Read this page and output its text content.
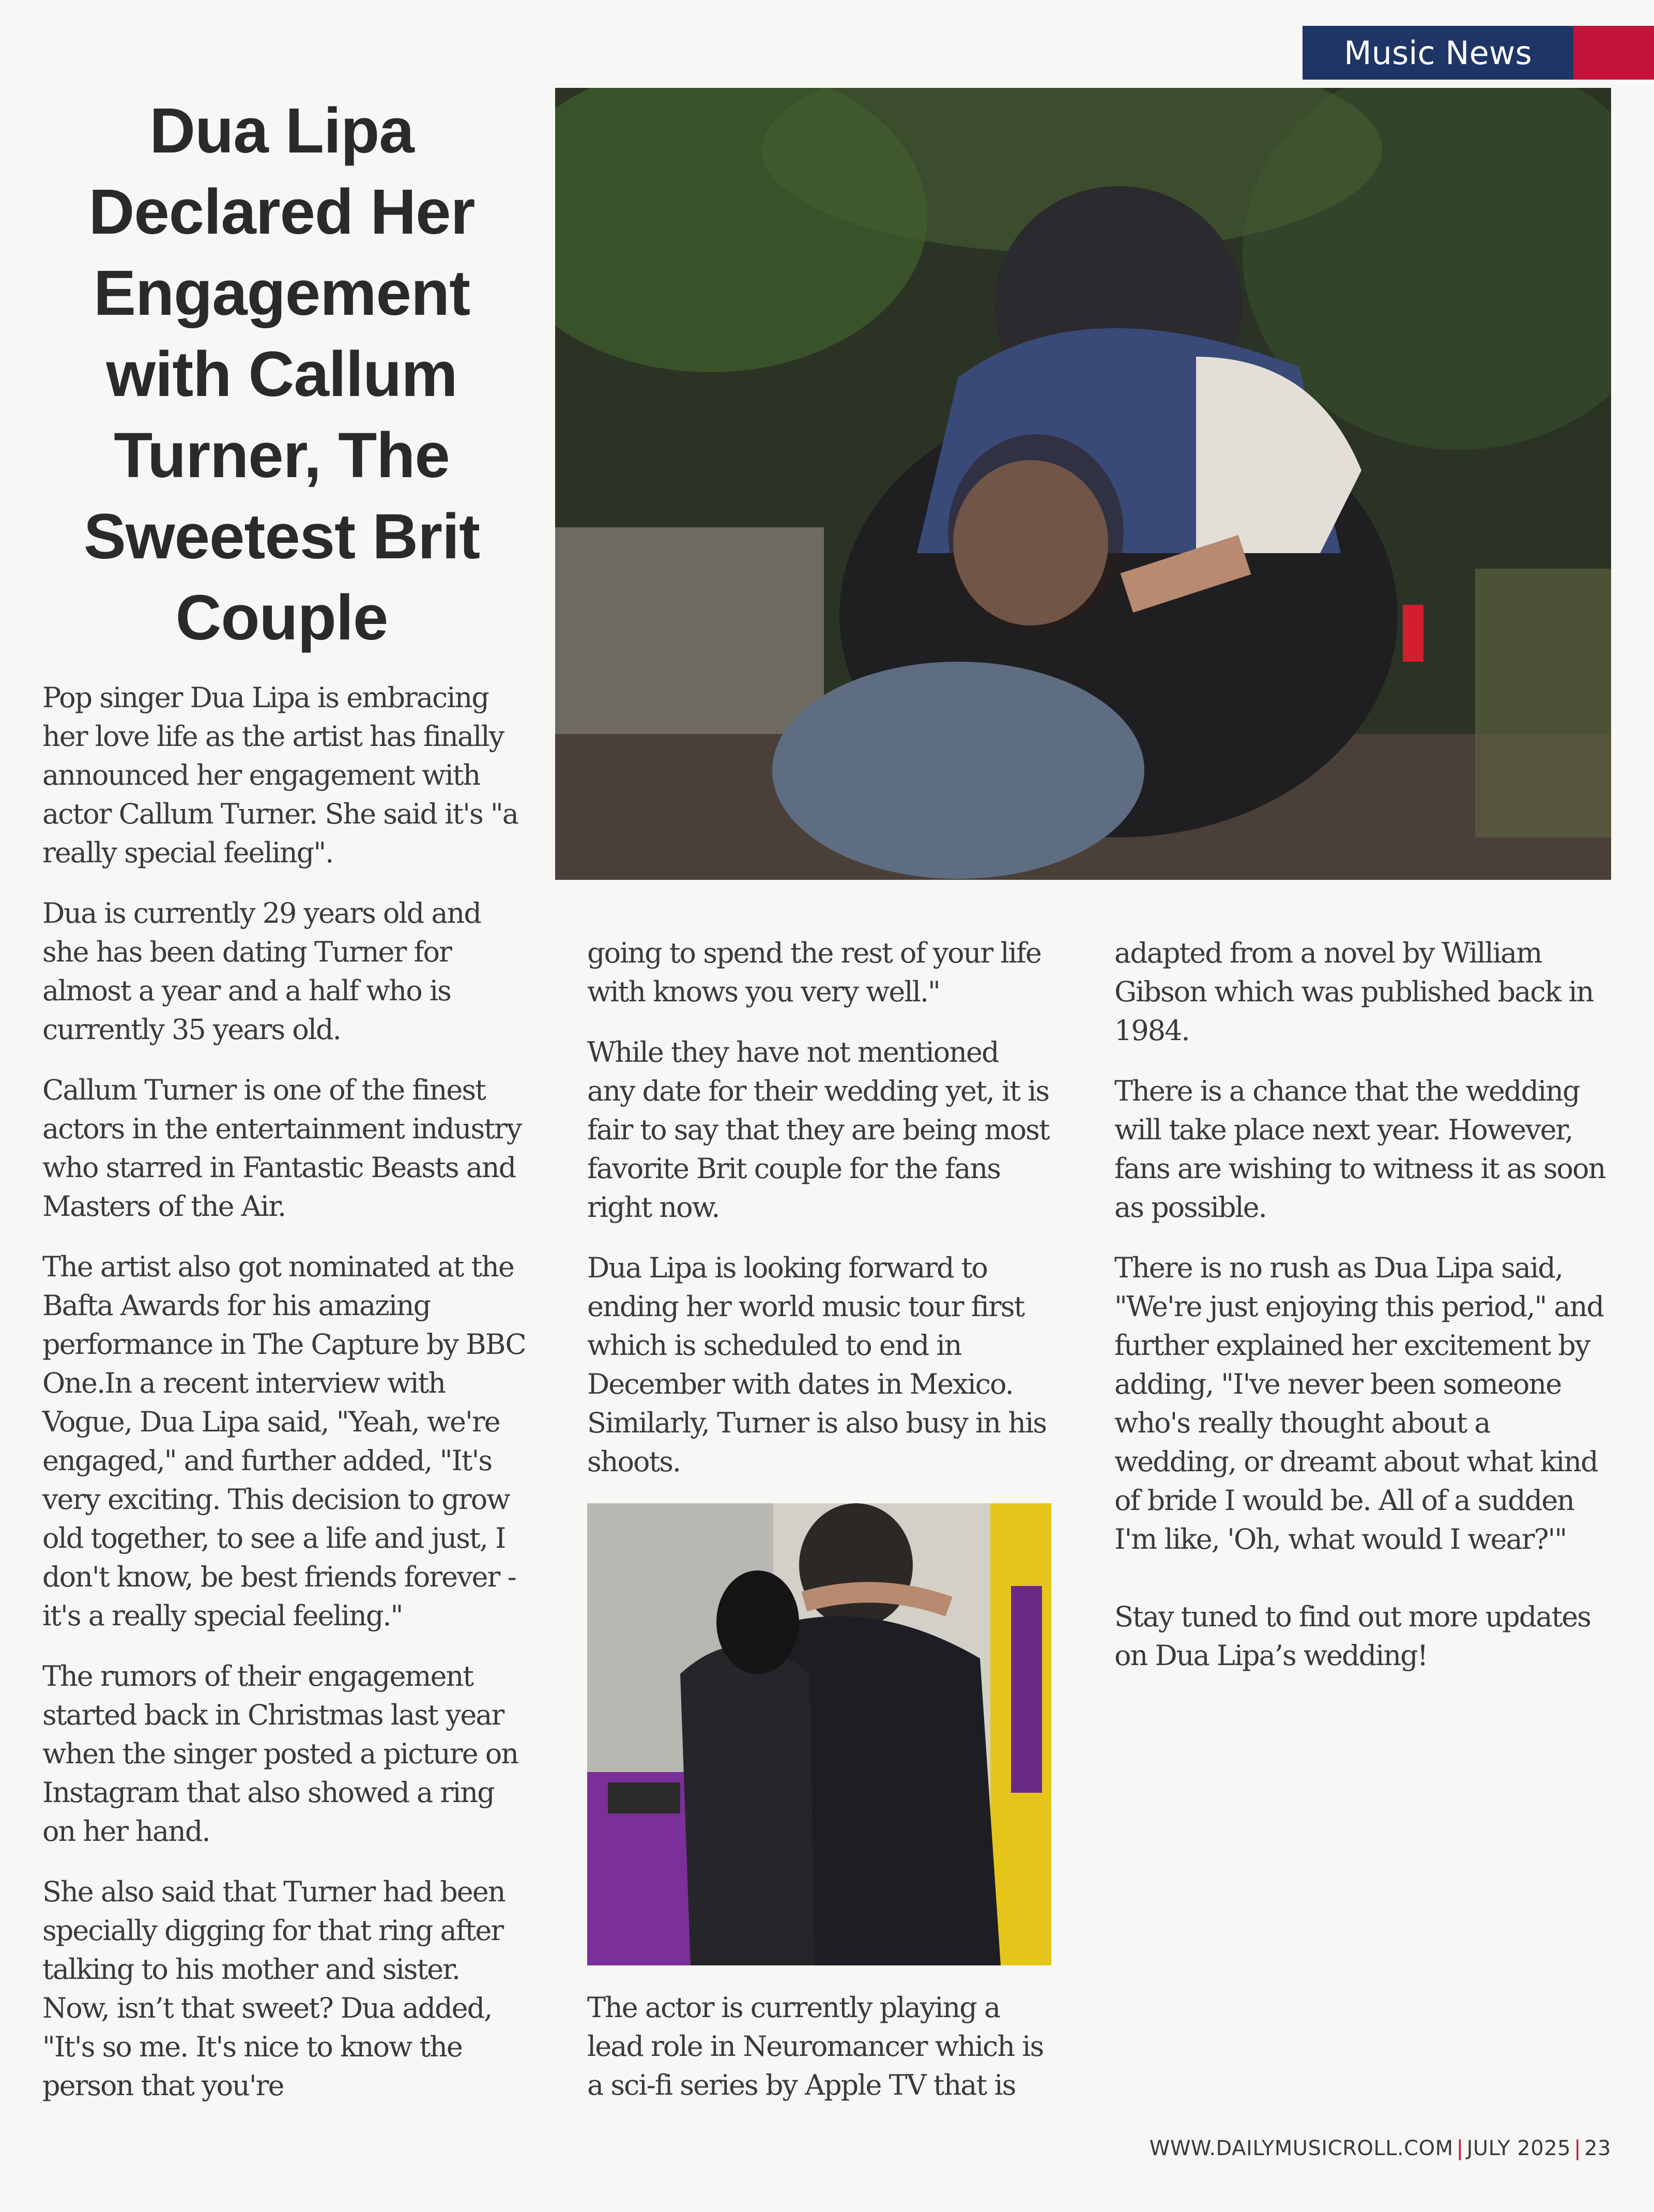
Music News
Dua Lipa Declared Her Engagement with Callum Turner, The Sweetest Brit Couple

Pop singer Dua Lipa is embracing her love life as the artist has finally announced her engagement with actor Callum Turner. She said it's "a really special feeling".

Dua is currently 29 years old and she has been dating Turner for almost a year and a half who is currently 35 years old.

Callum Turner is one of the finest actors in the entertainment industry who starred in Fantastic Beasts and Masters of the Air.

The artist also got nominated at the Bafta Awards for his amazing performance in The Capture by BBC One.In a recent interview with Vogue, Dua Lipa said, "Yeah, we're engaged," and further added, "It's very exciting. This decision to grow old together, to see a life and just, I don't know, be best friends forever - it's a really special feeling."

The rumors of their engagement started back in Christmas last year when the singer posted a picture on Instagram that also showed a ring on her hand.

She also said that Turner had been specially digging for that ring after talking to his mother and sister. Now, isn’t that sweet? Dua added, "It's so me. It's nice to know the person that you're

going to spend the rest of your life with knows you very well."

While they have not mentioned any date for their wedding yet, it is fair to say that they are being most favorite Brit couple for the fans right now.

Dua Lipa is looking forward to ending her world music tour first which is scheduled to end in December with dates in Mexico. Similarly, Turner is also busy in his shoots.

The actor is currently playing a lead role in Neuromancer which is a sci-fi series by Apple TV that is

adapted from a novel by William Gibson which was published back in 1984.

There is a chance that the wedding will take place next year. However, fans are wishing to witness it as soon as possible.

There is no rush as Dua Lipa said, "We're just enjoying this period," and further explained her excitement by adding, "I've never been someone who's really thought about a wedding, or dreamt about what kind of bride I would be. All of a sudden I'm like, 'Oh, what would I wear?'"

Stay tuned to find out more updates on Dua Lipa’s wedding!

WWW.DAILYMUSICROLL.COM | JULY 2025 | 23
